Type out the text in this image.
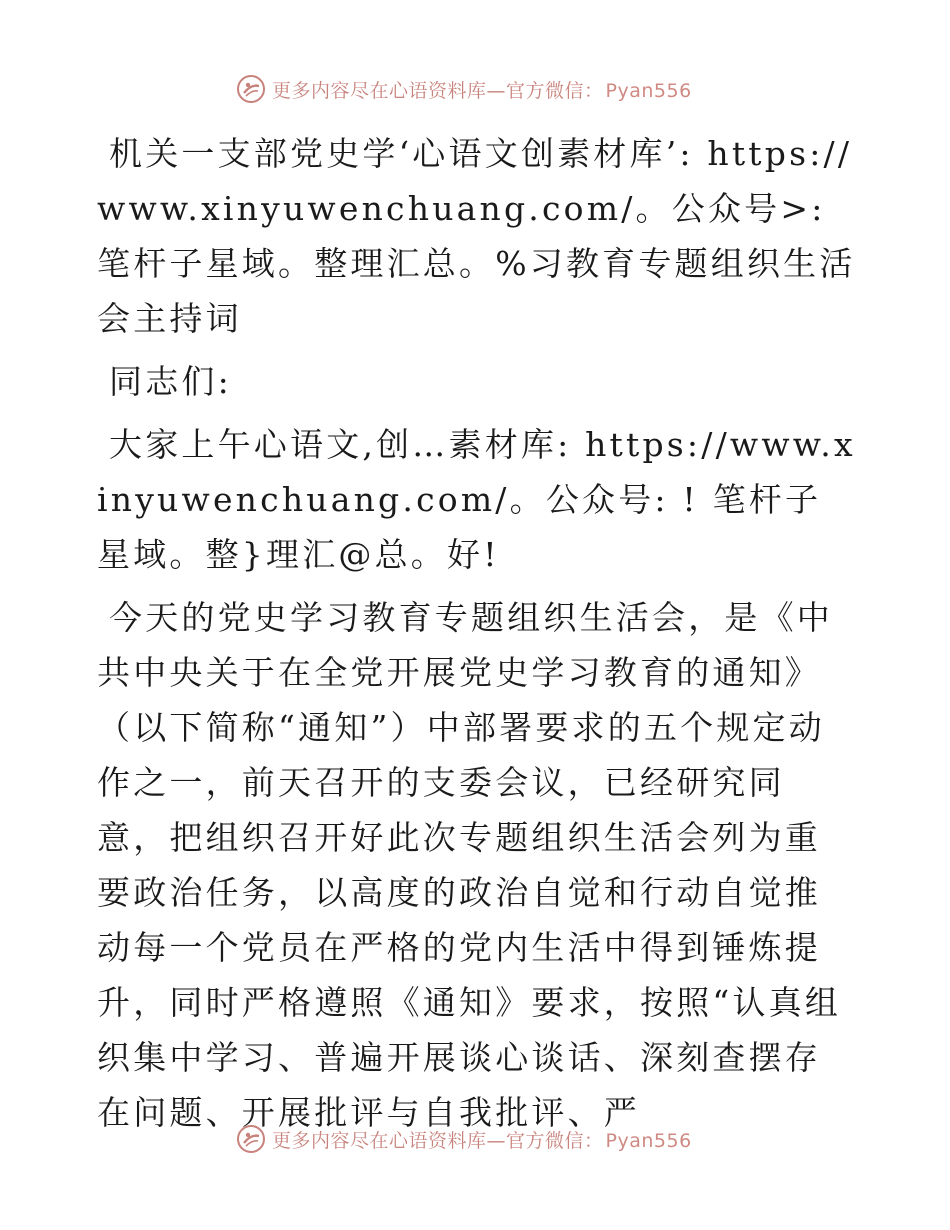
更多内容尽在心语资料库—官方微信： Pyan556

机关一支部党史学‘心语文创素材库’: https://www.xinyuwenchuang.com/。公众号>: 笔杆子星域。整理汇总。%习教育专题组织生活会主持词

同志们:

大家上午心语文,创…素材库: https://www.xinyuwenchuang.com/。公众号: ! 笔杆子星域。整}理汇@总。好!

今天的党史学习教育专题组织生活会，是《中共中央关于在全党开展党史学习教育的通知》（以下简称“通知”）中部署要求的五个规定动作之一，前天召开的支委会议，已经研究同意，把组织召开好此次专题组织生活会列为重要政治任务，以高度的政治自觉和行动自觉推动每一个党员在严格的党内生活中得到锤炼提升，同时严格遵照《通知》要求，按照“认真组织集中学习、普遍开展谈心谈话、深刻查摆存在问题、开展批评与自我批评、严

更多内容尽在心语资料库—官方微信： Pyan556
